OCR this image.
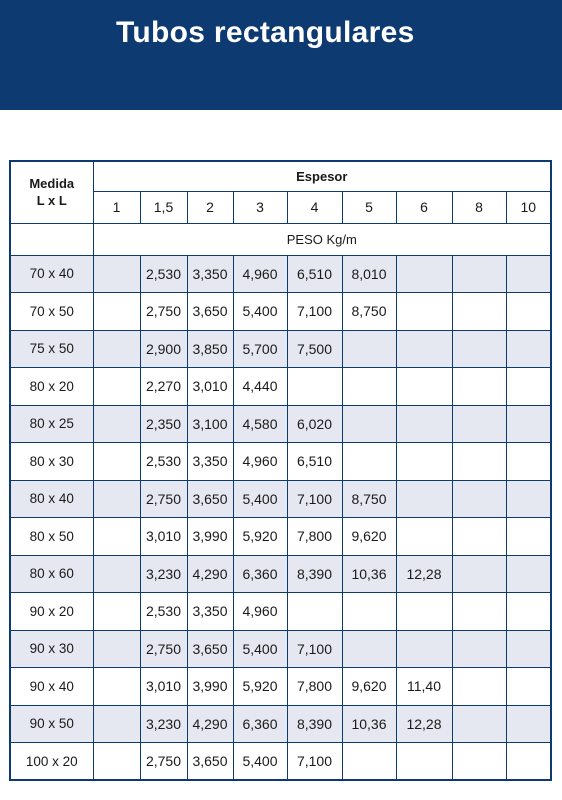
Tubos rectangulares
Medida
L x L	Espesor								
	1	1,5	2	3	4	5	6	8	10
	PESO Kg/m								
70 x 40		2,530	3,350	4,960	6,510	8,010			
70 x 50		2,750	3,650	5,400	7,100	8,750			
75 x 50		2,900	3,850	5,700	7,500				
80 x 20		2,270	3,010	4,440					
80 x 25		2,350	3,100	4,580	6,020				
80 x 30		2,530	3,350	4,960	6,510				
80 x 40		2,750	3,650	5,400	7,100	8,750			
80 x 50		3,010	3,990	5,920	7,800	9,620			
80 x 60		3,230	4,290	6,360	8,390	10,36	12,28		
90 x 20		2,530	3,350	4,960					
90 x 30		2,750	3,650	5,400	7,100				
90 x 40		3,010	3,990	5,920	7,800	9,620	11,40		
90 x 50		3,230	4,290	6,360	8,390	10,36	12,28		
100 x 20		2,750	3,650	5,400	7,100				
